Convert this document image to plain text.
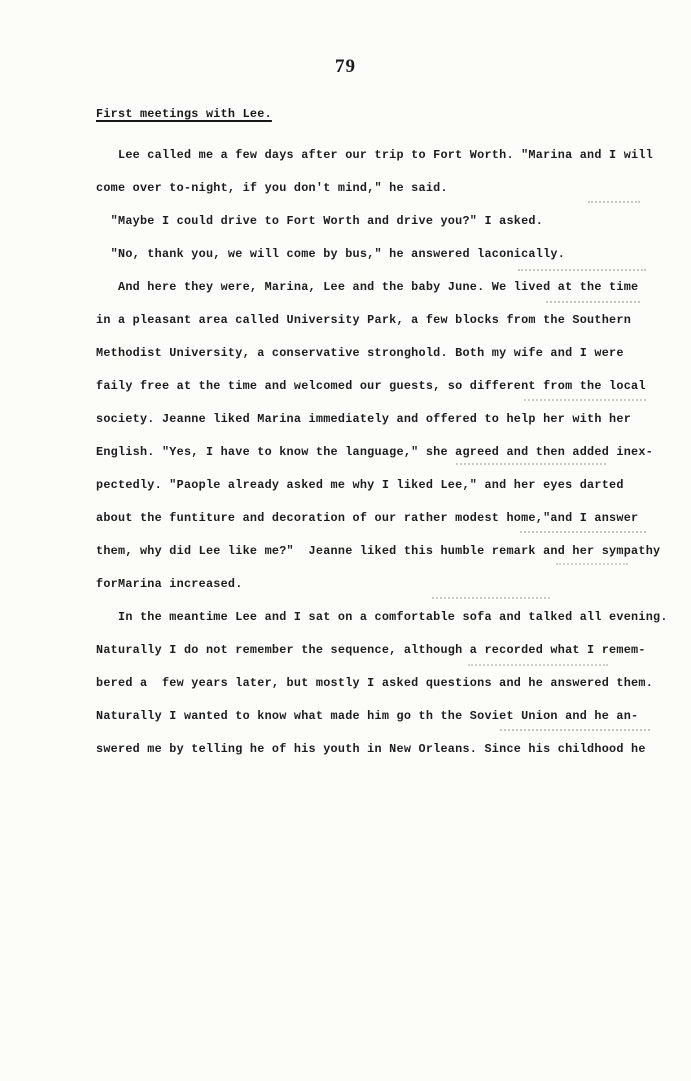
79
First meetings with Lee.
Lee called me a few days after our trip to Fort Worth. "Marina and I will
come over to-night, if you don't mind," he said.
"Maybe I could drive to Fort Worth and drive you?" I asked.
"No, thank you, we will come by bus," he answered laconically.
And here they were, Marina, Lee and the baby June. We lived at the time
in a pleasant area called University Park, a few blocks from the Southern
Methodist University, a conservative stronghold. Both my wife and I were
faily free at the time and welcomed our guests, so different from the local
society. Jeanne liked Marina immediately and offered to help her with her
English. "Yes, I have to know the language," she agreed and then added inex-
pectedly. "Paople already asked me why I liked Lee," and her eyes darted
about the funtiture and decoration of our rather modest home,"and I answer
them, why did Lee like me?"  Jeanne liked this humble remark and her sympathy
forMarina increased.
In the meantime Lee and I sat on a comfortable sofa and talked all evening.
Naturally I do not remember the sequence, although a recorded what I remem-
bered a  few years later, but mostly I asked questions and he answered them.
Naturally I wanted to know what made him go th the Soviet Union and he an-
swered me by telling he of his youth in New Orleans. Since his childhood he
